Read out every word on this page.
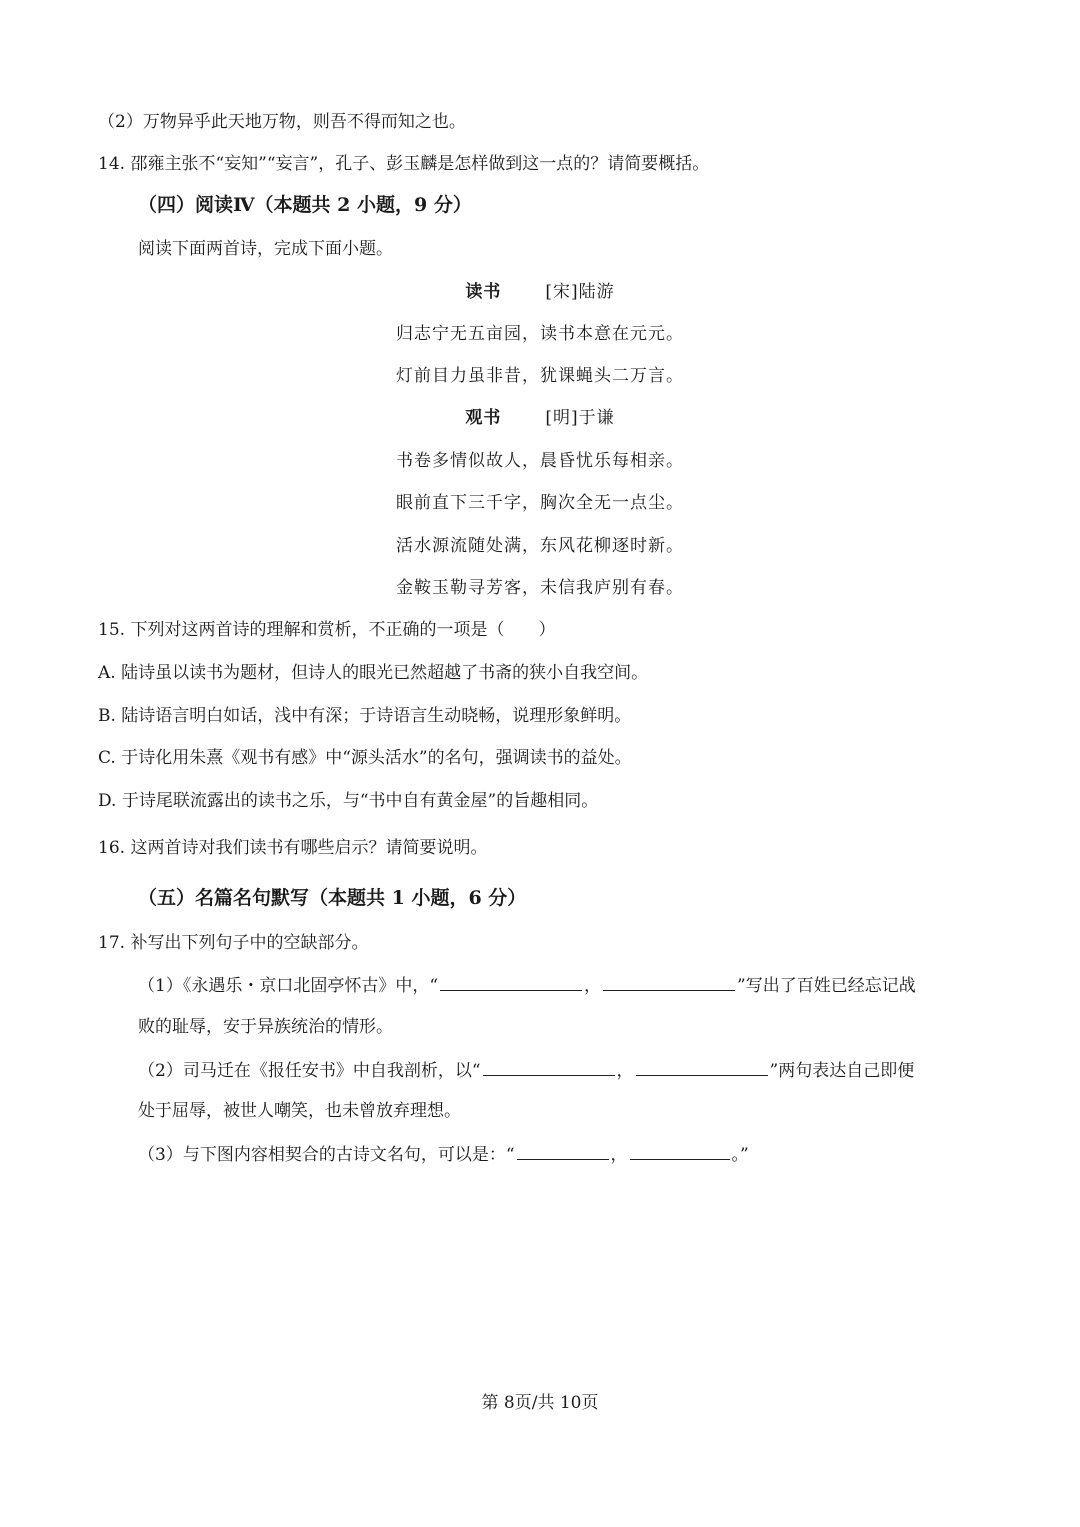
（2）万物异乎此天地万物，则吾不得而知之也。
14. 邵雍主张不“妄知”“妄言”，孔子、彭玉麟是怎样做到这一点的？请简要概括。
（四）阅读Ⅳ（本题共 2 小题，9 分）
阅读下面两首诗，完成下面小题。
读书	[宋]陆游
归志宁无五亩园，读书本意在元元。
灯前目力虽非昔，犹课蝇头二万言。
观书	[明]于谦
书卷多情似故人，晨昏忧乐每相亲。
眼前直下三千字，胸次全无一点尘。
活水源流随处满，东风花柳逐时新。
金鞍玉勒寻芳客，未信我庐别有春。
15. 下列对这两首诗的理解和赏析，不正确的一项是（　　）
A. 陆诗虽以读书为题材，但诗人的眼光已然超越了书斋的狭小自我空间。
B. 陆诗语言明白如话，浅中有深；于诗语言生动晓畅，说理形象鲜明。
C. 于诗化用朱熹《观书有感》中“源头活水”的名句，强调读书的益处。
D. 于诗尾联流露出的读书之乐，与“书中自有黄金屋”的旨趣相同。
16. 这两首诗对我们读书有哪些启示？请简要说明。
（五）名篇名句默写（本题共 1 小题，6 分）
17. 补写出下列句子中的空缺部分。
（1）《永遇乐・京口北固亭怀古》中，“	，	”写出了百姓已经忘记战
败的耻辱，安于异族统治的情形。
（2）司马迁在《报任安书》中自我剖析，以“	，	”两句表达自己即便
处于屈辱，被世人嘲笑，也未曾放弃理想。
（3）与下图内容相契合的古诗文名句，可以是：“	，	。”
第 8页/共 10页
